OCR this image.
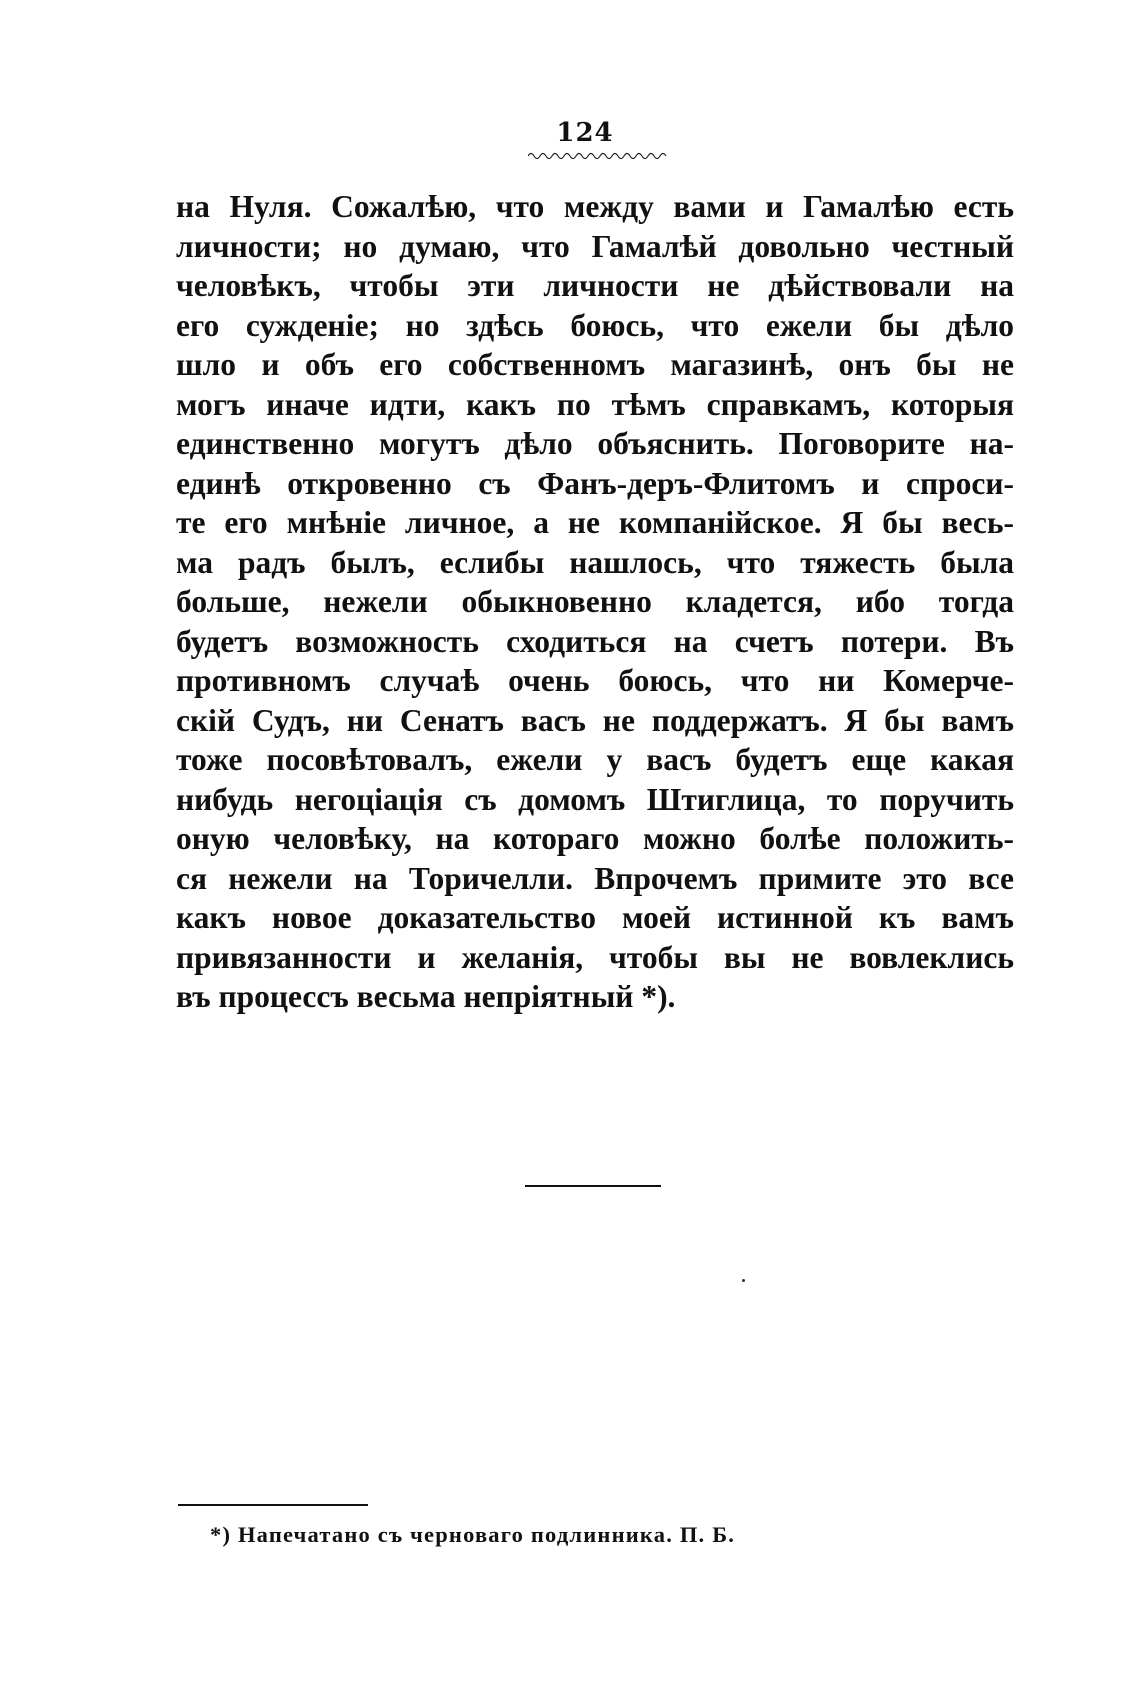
124
на Нуля. Сожалѣю, что между вами и Гамалѣю есть
личности; но думаю, что Гамалѣй довольно честный
человѣкъ, чтобы эти личности не дѣйствовали на
его сужденіе; но здѣсь боюсь, что ежели бы дѣло
шло и объ его собственномъ магазинѣ, онъ бы не
могъ иначе идти, какъ по тѣмъ справкамъ, которыя
единственно могутъ дѣло объяснить. Поговорите на-
единѣ откровенно съ Фанъ-деръ-Флитомъ и спроси-
те его мнѣніе личное, а не компанійское. Я бы весь-
ма радъ былъ, еслибы нашлось, что тяжесть была
больше, нежели обыкновенно кладется, ибо тогда
будетъ возможность сходиться на счетъ потери. Въ
противномъ случаѣ очень боюсь, что ни Комерче-
скій Судъ, ни Сенатъ васъ не поддержатъ. Я бы вамъ
тоже посовѣтовалъ, ежели у васъ будетъ еще какая
нибудь негоціація съ домомъ Штиглица, то поручить
оную человѣку, на котораго можно болѣе положить-
ся нежели на Торичелли. Впрочемъ примите это все
какъ новое доказательство моей истинной къ вамъ
привязанности и желанія, чтобы вы не вовлеклись
въ процессъ весьма непріятный *).
*) Напечатано съ черноваго подлинника. П. Б.
